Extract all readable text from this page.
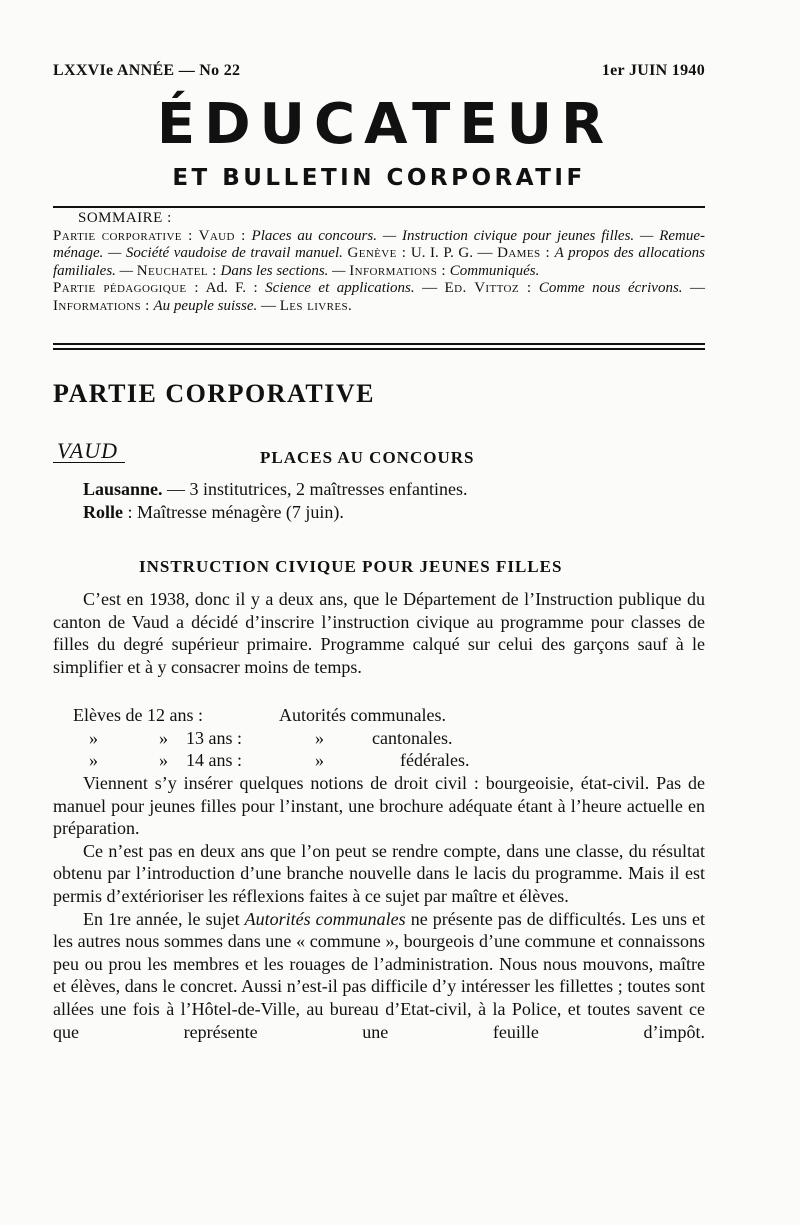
LXXVIe ANNÉE — No 22	1er JUIN 1940
ÉDUCATEUR
ET BULLETIN CORPORATIF

SOMMAIRE :

Partie corporative : Vaud : Places au concours. — Instruction civique pour jeunes filles. — Remue-ménage. — Société vaudoise de travail manuel. Genève : U. I. P. G. — Dames : A propos des allocations familiales. — Neuchatel : Dans les sections. — Informations : Communiqués.

Partie pédagogique : Ad. F. : Science et applications. — Ed. Vittoz : Comme nous écrivons. — Informations : Au peuple suisse. — Les livres.

PARTIE CORPORATIVE
VAUD	PLACES AU CONCOURS
Lausanne. — 3 institutrices, 2 maîtresses enfantines.
Rolle : Maîtresse ménagère (7 juin).
INSTRUCTION CIVIQUE POUR JEUNES FILLES

C’est en 1938, donc il y a deux ans, que le Département de l’Instruction publique du canton de Vaud a décidé d’inscrire l’instruction civique au programme pour classes de filles du degré supérieur primaire. Programme calqué sur celui des garçons sauf à le simplifier et à y consacrer moins de temps.

Elèves de 12 ans :	Autorités communales.
»	» 13 ans :	»	cantonales.
»	» 14 ans :	»	fédérales.

Viennent s’y insérer quelques notions de droit civil : bourgeoisie, état-civil. Pas de manuel pour jeunes filles pour l’instant, une brochure adéquate étant à l’heure actuelle en préparation.

Ce n’est pas en deux ans que l’on peut se rendre compte, dans une classe, du résultat obtenu par l’introduction d’une branche nouvelle dans le lacis du programme. Mais il est permis d’extérioriser les réflexions faites à ce sujet par maître et élèves.

En 1re année, le sujet Autorités communales ne présente pas de difficultés. Les uns et les autres nous sommes dans une « commune », bourgeois d’une commune et connaissons peu ou prou les membres et les rouages de l’administration. Nous nous mouvons, maître et élèves, dans le concret. Aussi n’est-il pas difficile d’y intéresser les fillettes ; toutes sont allées une fois à l’Hôtel-de-Ville, au bureau d’Etat-civil, à la Police, et toutes savent ce que représente une feuille d’impôt.
